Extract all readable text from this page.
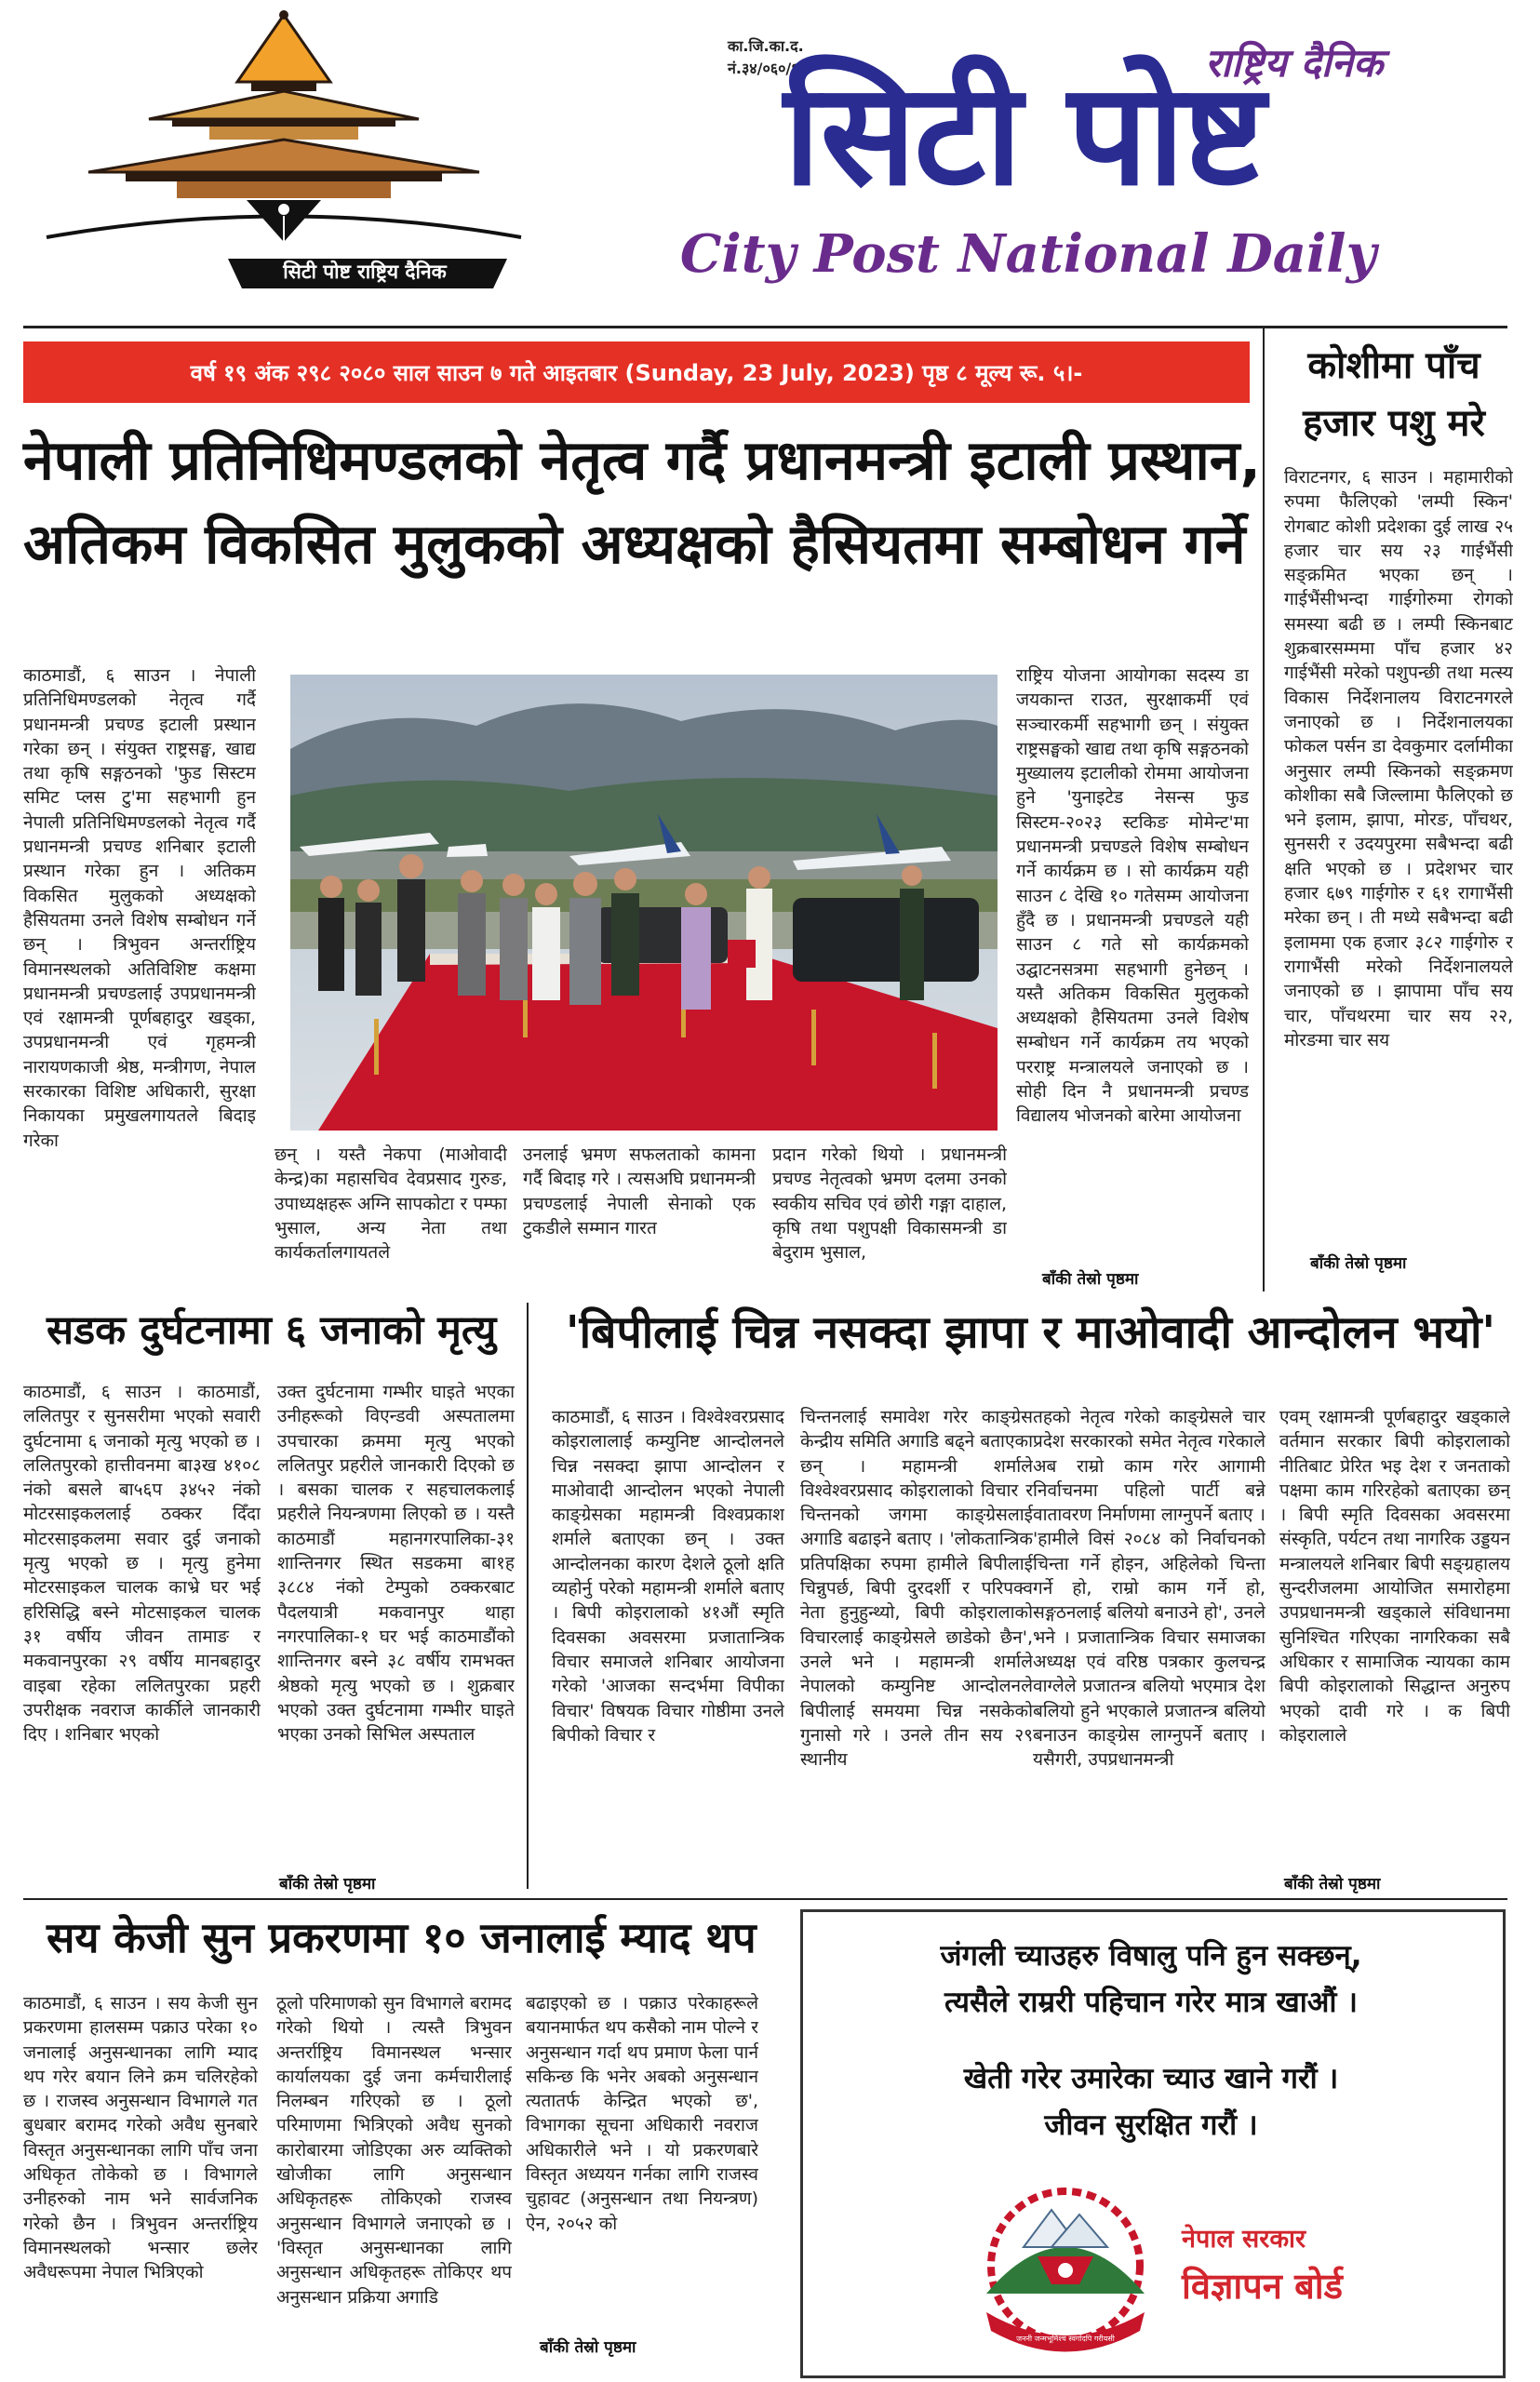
सिटी पोष्ट राष्ट्रिय दैनिक
का.जि.का.द.
नं.३४/०६०/६१	राष्ट्रिय दैनिक
सिटी पोष्ट
City Post National Daily
वर्ष १९ अंक २९८ २०८० साल साउन ७ गते आइतबार (Sunday, 23 July, 2023) पृष्ठ ८ मूल्य रू. ५।-
नेपाली प्रतिनिधिमण्डलको नेतृत्व गर्दै प्रधानमन्त्री इटाली प्रस्थान,
अतिकम विकसित मुलुकको अध्यक्षको हैसियतमा सम्बोधन गर्ने
काठमाडौं, ६ साउन । नेपाली प्रतिनिधिमण्डलको नेतृत्व गर्दै प्रधानमन्त्री प्रचण्ड इटाली प्रस्थान गरेका छन् । संयुक्त राष्ट्रसङ्घ, खाद्य तथा कृषि सङ्गठनको 'फुड सिस्टम समिट प्लस टु'मा सहभागी हुन नेपाली प्रतिनिधिमण्डलको नेतृत्व गर्दै प्रधानमन्त्री प्रचण्ड शनिबार इटाली प्रस्थान गरेका हुन । अतिकम विकसित मुलुकको अध्यक्षको हैसियतमा उनले विशेष सम्बोधन गर्ने छन् । त्रिभुवन अन्तर्राष्ट्रिय विमानस्थलको अतिविशिष्ट कक्षमा प्रधानमन्त्री प्रचण्डलाई उपप्रधानमन्त्री एवं रक्षामन्त्री पूर्णबहादुर खड्का, उपप्रधानमन्त्री एवं गृहमन्त्री नारायणकाजी श्रेष्ठ, मन्त्रीगण, नेपाल सरकारका विशिष्ट अधिकारी, सुरक्षा निकायका प्रमुखलगायतले बिदाइ गरेका
छन् । यस्तै नेकपा (माओवादी केन्द्र)का महासचिव देवप्रसाद गुरुङ, उपाध्यक्षहरू अग्नि सापकोटा र पम्फा भुसाल, अन्य नेता तथा कार्यकर्तालगायतले
उनलाई भ्रमण सफलताको कामना गर्दै बिदाइ गरे । त्यसअघि प्रधानमन्त्री प्रचण्डलाई नेपाली सेनाको एक टुकडीले सम्मान गारत
प्रदान गरेको थियो । प्रधानमन्त्री प्रचण्ड नेतृत्वको भ्रमण दलमा उनको स्वकीय सचिव एवं छोरी गङ्गा दाहाल, कृषि तथा पशुपक्षी विकासमन्त्री डा बेदुराम भुसाल,
राष्ट्रिय योजना आयोगका सदस्य डा जयकान्त राउत, सुरक्षाकर्मी एवं सञ्चारकर्मी सहभागी छन् । संयुक्त राष्ट्रसङ्घको खाद्य तथा कृषि सङ्गठनको मुख्यालय इटालीको रोममा आयोजना हुने 'युनाइटेड नेसन्स फुड सिस्टम-२०२३ स्टकिङ मोमेन्ट'मा प्रधानमन्त्री प्रचण्डले विशेष सम्बोधन गर्ने कार्यक्रम छ । सो कार्यक्रम यही साउन ८ देखि १० गतेसम्म आयोजना हुँदै छ । प्रधानमन्त्री प्रचण्डले यही साउन ८ गते सो कार्यक्रमको उद्घाटनसत्रमा सहभागी हुनेछन् । यस्तै अतिकम विकसित मुलुकको अध्यक्षको हैसियतमा उनले विशेष सम्बोधन गर्ने कार्यक्रम तय भएको परराष्ट्र मन्त्रालयले जनाएको छ । सोही दिन नै प्रधानमन्त्री प्रचण्ड विद्यालय भोजनको बारेमा आयोजना
बाँकी तेस्रो पृष्ठमा
कोशीमा पाँच
हजार पशु मरे
विराटनगर, ६ साउन । महामारीको रुपमा फैलिएको 'लम्पी स्किन' रोगबाट कोशी प्रदेशका दुई लाख २५ हजार चार सय २३ गाईभैंसी सङ्क्रमित भएका छन् । गाईभैंसीभन्दा गाईगोरुमा रोगको समस्या बढी छ । लम्पी स्किनबाट शुक्रबारसम्ममा पाँच हजार ४२ गाईभैंसी मरेको पशुपन्छी तथा मत्स्य विकास निर्देशनालय विराटनगरले जनाएको छ । निर्देशनालयका फोकल पर्सन डा देवकुमार दर्लामीका अनुसार लम्पी स्किनको सङ्क्रमण कोशीका सबै जिल्लामा फैलिएको छ भने इलाम, झापा, मोरङ, पाँचथर, सुनसरी र उदयपुरमा सबैभन्दा बढी क्षति भएको छ । प्रदेशभर चार हजार ६७९ गाईगोरु र ६१ रागाभैंसी मरेका छन् । ती मध्ये सबैभन्दा बढी इलाममा एक हजार ३८२ गाईगोरु र रागाभैंसी मरेको निर्देशनालयले जनाएको छ । झापामा पाँच सय चार, पाँचथरमा चार सय २२, मोरङमा चार सय
बाँकी तेस्रो पृष्ठमा
सडक दुर्घटनामा ६ जनाको मृत्यु
काठमाडौं, ६ साउन । काठमाडौं, ललितपुर र सुनसरीमा भएको सवारी दुर्घटनामा ६ जनाको मृत्यु भएको छ । ललितपुरको हात्तीवनमा बा३ख ४१०८ नंको बसले बा५६प ३४५२ नंको मोटरसाइकललाई ठक्कर दिँदा मोटरसाइकलमा सवार दुई जनाको मृत्यु भएको छ । मृत्यु हुनेमा मोटरसाइकल चालक काभ्रे घर भई हरिसिद्धि बस्ने मोटसाइकल चालक ३१ वर्षीय जीवन तामाङ र मकवानपुरका २९ वर्षीय मानबहादुर वाइबा रहेका ललितपुरका प्रहरी उपरीक्षक नवराज कार्कीले जानकारी दिए । शनिबार भएको
उक्त दुर्घटनामा गम्भीर घाइते भएका उनीहरूको विएन्डवी अस्पतालमा उपचारका क्रममा मृत्यु भएको ललितपुर प्रहरीले जानकारी दिएको छ । बसका चालक र सहचालकलाई प्रहरीले नियन्त्रणमा लिएको छ । यस्तै काठमाडौं महानगरपालिका-३१ शान्तिनगर स्थित सडकमा बा१ह ३८८४ नंको टेम्पुको ठक्करबाट पैदलयात्री मकवानपुर थाहा नगरपालिका-१ घर भई काठमाडौंको शान्तिनगर बस्ने ३८ वर्षीय रामभक्त श्रेष्ठको मृत्यु भएको छ । शुक्रबार भएको उक्त दुर्घटनामा गम्भीर घाइते भएका उनको सिभिल अस्पताल
बाँकी तेस्रो पृष्ठमा
'बिपीलाई चिन्न नसक्दा झापा र माओवादी आन्दोलन भयो'
काठमाडौं, ६ साउन । विश्वेश्वरप्रसाद कोइरालालाई कम्युनिष्ट आन्दोलनले चिन्न नसक्दा झापा आन्दोलन र माओवादी आन्दोलन भएको नेपाली काङ्ग्रेसका महामन्त्री विश्वप्रकाश शर्माले बताएका छन् । उक्त आन्दोलनका कारण देशले ठूलो क्षति व्यहोर्नु परेको महामन्त्री शर्माले बताए । बिपी कोइरालाको ४१औं स्मृति दिवसका अवसरमा प्रजातान्त्रिक विचार समाजले शनिबार आयोजना गरेको 'आजका सन्दर्भमा विपीका विचार' विषयक विचार गोष्ठीमा उनले बिपीको विचार र
चिन्तनलाई समावेश गरेर काङ्ग्रेस केन्द्रीय समिति अगाडि बढ्ने बताएका छन् । महामन्त्री शर्माले विश्वेश्वरप्रसाद कोइरालाको विचार र चिन्तनको जगमा काङ्ग्रेसलाई अगाडि बढाइने बताए । 'लोकतान्त्रिक प्रतिपक्षिका रुपमा हामीले बिपीलाई चिन्नुपर्छ, बिपी दुरदर्शी र परिपक्व नेता हुनुहुन्थ्यो, बिपी कोइरालाको विचारलाई काङ्ग्रेसले छाडेको छैन', उनले भने । महामन्त्री शर्माले नेपालको कम्युनिष्ट आन्दोलनले बिपीलाई समयमा चिन्न नसकेको गुनासो गरे । उनले तीन सय २९ स्थानीय
तहको नेतृत्व गरेको काङ्ग्रेसले चार प्रदेश सरकारको समेत नेतृत्व गरेकाले अब राम्रो काम गरेर आगामी निर्वाचनमा पहिलो पार्टी बन्ने वातावरण निर्माणमा लाग्नुपर्ने बताए । 'हामीले विसं २०८४ को निर्वाचनको चिन्ता गर्ने होइन, अहिलेको चिन्ता गर्ने हो, राम्रो काम गर्ने हो, सङ्गठनलाई बलियो बनाउने हो', उनले भने । प्रजातान्त्रिक विचार समाजका अध्यक्ष एवं वरिष्ठ पत्रकार कुलचन्द्र वाग्लेले प्रजातन्त्र बलियो भएमात्र देश बलियो हुने भएकाले प्रजातन्त्र बलियो बनाउन काङ्ग्रेस लाग्नुपर्ने बताए । यसैगरी, उपप्रधानमन्त्री
एवम् रक्षामन्त्री पूर्णबहादुर खड्काले वर्तमान सरकार बिपी कोइरालाको नीतिबाट प्रेरित भइ देश र जनताको पक्षमा काम गरिरहेको बताएका छन् । बिपी स्मृति दिवसका अवसरमा संस्कृति, पर्यटन तथा नागरिक उड्डयन मन्त्रालयले शनिबार बिपी सङ्ग्रहालय सुन्दरीजलमा आयोजित समारोहमा उपप्रधानमन्त्री खड्काले संविधानमा सुनिश्चित गरिएका नागरिकका सबै अधिकार र सामाजिक न्यायका काम बिपी कोइरालाको सिद्धान्त अनुरुप भएको दावी गरे । क बिपी कोइरालाले
बाँकी तेस्रो पृष्ठमा
सय केजी सुन प्रकरणमा १० जनालाई म्याद थप
काठमाडौं, ६ साउन । सय केजी सुन प्रकरणमा हालसम्म पक्राउ परेका १० जनालाई अनुसन्धानका लागि म्याद थप गरेर बयान लिने क्रम चलिरहेको छ । राजस्व अनुसन्धान विभागले गत बुधबार बरामद गरेको अवैध सुनबारे विस्तृत अनुसन्धानका लागि पाँच जना अधिकृत तोकेको छ । विभागले उनीहरुको नाम भने सार्वजनिक गरेको छैन । त्रिभुवन अन्तर्राष्ट्रिय विमानस्थलको भन्सार छलेर अवैधरूपमा नेपाल भित्रिएको
ठूलो परिमाणको सुन विभागले बरामद गरेको थियो । त्यस्तै त्रिभुवन अन्तर्राष्ट्रिय विमानस्थल भन्सार कार्यालयका दुई जना कर्मचारीलाई निलम्बन गरिएको छ । ठूलो परिमाणमा भित्रिएको अवैध सुनको कारोबारमा जोडिएका अरु व्यक्तिको खोजीका लागि अनुसन्धान अधिकृतहरू तोकिएको राजस्व अनुसन्धान विभागले जनाएको छ । 'विस्तृत अनुसन्धानका लागि अनुसन्धान अधिकृतहरू तोकिएर थप अनुसन्धान प्रक्रिया अगाडि
बढाइएको छ । पक्राउ परेकाहरूले बयानमार्फत थप कसैको नाम पोल्ने र अनुसन्धान गर्दा थप प्रमाण फेला पार्न सकिन्छ कि भनेर अबको अनुसन्धान त्यतातर्फ केन्द्रित भएको छ', विभागका सूचना अधिकारी नवराज अधिकारीले भने । यो प्रकरणबारे विस्तृत अध्ययन गर्नका लागि राजस्व चुहावट (अनुसन्धान तथा नियन्त्रण) ऐन, २०५२ को
बाँकी तेस्रो पृष्ठमा
जंगली च्याउहरु विषालु पनि हुन सक्छन्,
त्यसैले राम्ररी पहिचान गरेर मात्र खाऔं ।
खेती गरेर उमारेका च्याउ खाने गरौं ।
जीवन सुरक्षित गरौं ।
जननी जन्मभूमिश्च स्वर्गादपि गरीयसी
नेपाल सरकार
विज्ञापन बोर्ड
